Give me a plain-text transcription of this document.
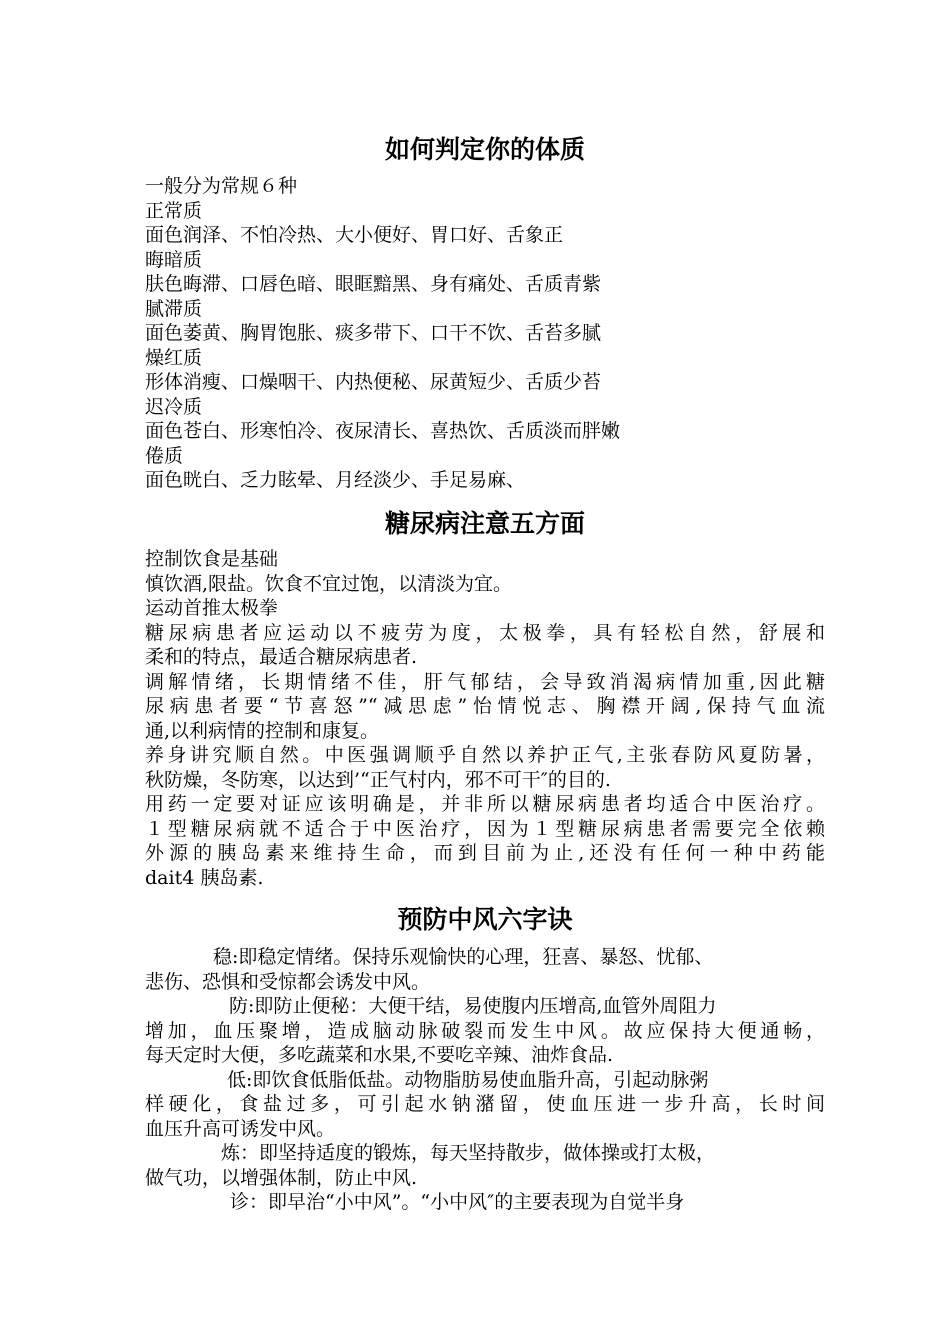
如何判定你的体质
一般分为常规６种
正常质
面色润泽、不怕冷热、大小便好、胃口好、舌象正
晦暗质
肤色晦滞、口唇色暗、眼眶黯黑、身有痛处、舌质青紫
腻滞质
面色萎黄、胸胃饱胀、痰多带下、口干不饮、舌苔多腻
燥红质
形体消瘦、口燥咽干、内热便秘、尿黄短少、舌质少苔
迟冷质
面色苍白、形寒怕冷、夜尿清长、喜热饮、舌质淡而胖嫩
倦质
面色晄白、乏力眩晕、月经淡少、手足易麻、
糖尿病注意五方面
控制饮食是基础
慎饮酒,限盐。饮食不宜过饱，以清淡为宜。
运动首推太极拳
糖尿病患者应运动以不疲劳为度，太极拳，具有轻松自然，舒展和
柔和的特点，最适合糖尿病患者.
调解情绪，长期情绪不佳，肝气郁结，会导致消渴病情加重,因此糖
尿病患者要“节喜怒”“减思虑”怡情悦志、胸襟开阔,保持气血流
通,以利病情的控制和康复。
养身讲究顺自然。中医强调顺乎自然以养护正气,主张春防风夏防暑，
秋防燥，冬防寒，以达到’“正气村内，邪不可干″的目的.
用药一定要对证应该明确是，并非所以糖尿病患者均适合中医治疗。
１型糖尿病就不适合于中医治疗，因为１型糖尿病患者需要完全依赖
外源的胰岛素来维持生命，而到目前为止,还没有任何一种中药能
dait4 胰岛素.
预防中风六字诀
稳:即稳定情绪。保持乐观愉快的心理，狂喜、暴怒、忧郁、
悲伤、恐惧和受惊都会诱发中风。
防:即防止便秘：大便干结，易使腹内压增高,血管外周阻力
增加，血压聚增，造成脑动脉破裂而发生中风。故应保持大便通畅，
每天定时大便，多吃蔬菜和水果,不要吃辛辣、油炸食品.
低:即饮食低脂低盐。动物脂肪易使血脂升高，引起动脉粥
样硬化，食盐过多，可引起水钠潴留，使血压进一步升高，长时间
血压升高可诱发中风。
炼：即坚持适度的锻炼，每天坚持散步，做体操或打太极，
做气功，以增强体制，防止中风.
诊：即早治“小中风”。“小中风″的主要表现为自觉半身
